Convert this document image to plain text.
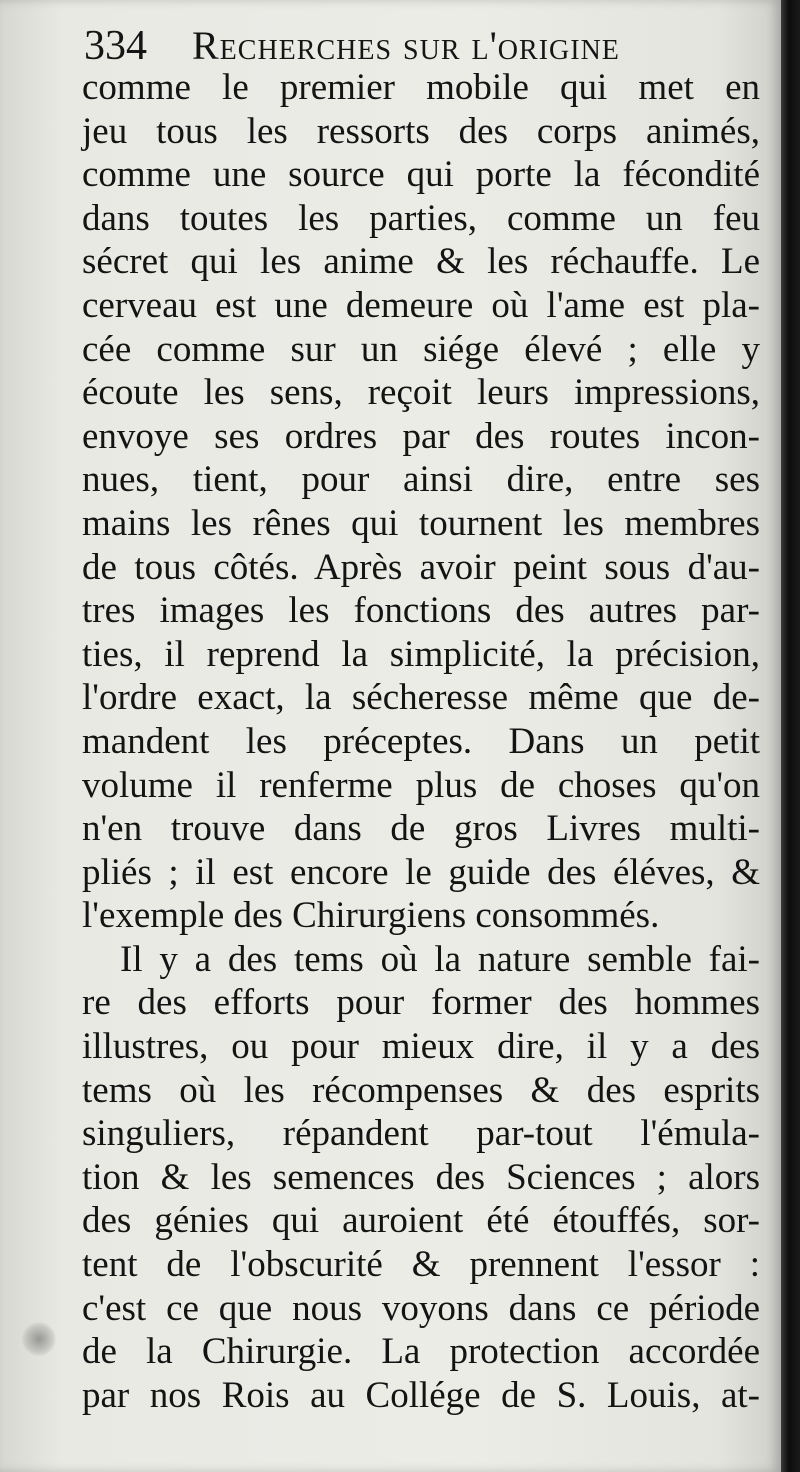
334 Recherches sur l'origine
comme le premier mobile qui met en
jeu tous les ressorts des corps animés,
comme une source qui porte la fécondité
dans toutes les parties, comme un feu
sécret qui les anime & les réchauffe. Le
cerveau est une demeure où l'ame est pla-
cée comme sur un siége élevé ; elle y
écoute les sens, reçoit leurs impressions,
envoye ses ordres par des routes incon-
nues, tient, pour ainsi dire, entre ses
mains les rênes qui tournent les membres
de tous côtés. Après avoir peint sous d'au-
tres images les fonctions des autres par-
ties, il reprend la simplicité, la précision,
l'ordre exact, la sécheresse même que de-
mandent les préceptes. Dans un petit
volume il renferme plus de choses qu'on
n'en trouve dans de gros Livres multi-
pliés ; il est encore le guide des éléves, &
l'exemple des Chirurgiens consommés.
Il y a des tems où la nature semble fai-
re des efforts pour former des hommes
illustres, ou pour mieux dire, il y a des
tems où les récompenses & des esprits
singuliers, répandent par-tout l'émula-
tion & les semences des Sciences ; alors
des génies qui auroient été étouffés, sor-
tent de l'obscurité & prennent l'essor :
c'est ce que nous voyons dans ce période
de la Chirurgie. La protection accordée
par nos Rois au Collége de S. Louis, at-
